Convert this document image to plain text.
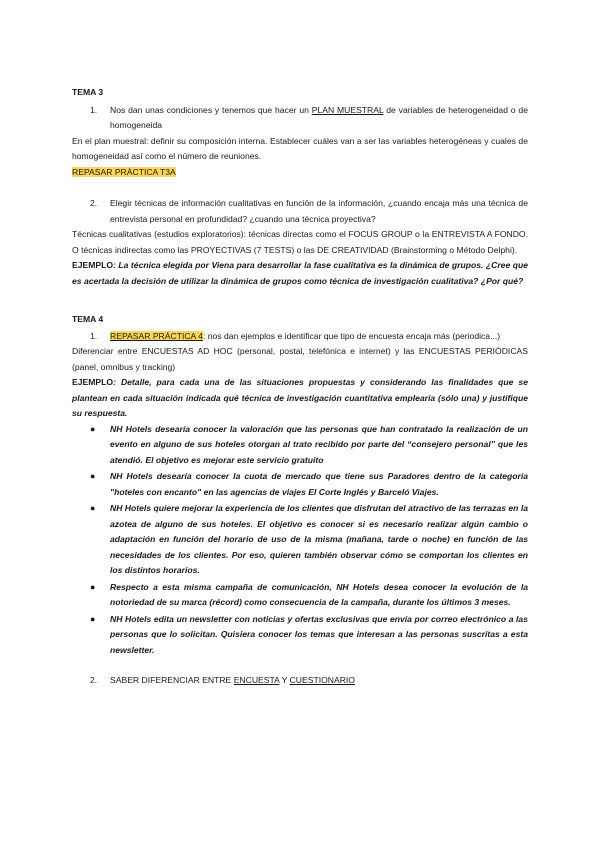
TEMA 3

1.	Nos dan unas condiciones y tenemos que hacer un PLAN MUESTRAL de variables de heterogeneidad o de homogeneida

En el plan muestral: definir su composición interna. Establecer cuáles van a ser las variables heterogéneas y cuales de homogeneidad así como el número de reuniones.

REPASAR PRÁCTICA T3A

2.	Elegir técnicas de información cualitativas en función de la información, ¿cuando encaja más una técnica de entrevista personal en profundidad? ¿cuando una técnica proyectiva?

Técnicas cualitativas (estudios exploratorios): técnicas directas como el FOCUS GROUP o la ENTREVISTA A FONDO. O técnicas indirectas como las PROYECTIVAS (7 TESTS) o las DE CREATIVIDAD (Brainstorming o Método Delphi).

EJEMPLO: La técnica elegida por Viena para desarrollar la fase cualitativa es la dinámica de grupos. ¿Cree que es acertada la decisión de utilizar la dinámica de grupos como técnica de investigación cualitativa? ¿Por qué?

TEMA 4

1.	REPASAR PRÁCTICA 4: nos dan ejemplos e identificar que tipo de encuesta encaja más (periodica...)

Diferenciar entre ENCUESTAS AD HOC (personal, postal, telefónica e internet) y las ENCUESTAS PERIÓDICAS (panel, omnibus y tracking)

EJEMPLO: Detalle, para cada una de las situaciones propuestas y considerando las finalidades que se plantean en cada situación indicada qué técnica de investigación cuantitativa emplearía (sólo una) y justifique su respuesta.

●	NH Hotels desearía conocer la valoración que las personas que han contratado la realización de un evento en alguno de sus hoteles otorgan al trato recibido por parte del “consejero personal” que les atendió. El objetivo es mejorar este servicio gratuito
●	NH Hotels desearía conocer la cuota de mercado que tiene sus Paradores dentro de la categoría "hoteles con encanto" en las agencias de viajes El Corte Inglés y Barceló Viajes.
●	NH Hotels quiere mejorar la experiencia de los clientes que disfrutan del atractivo de las terrazas en la azotea de alguno de sus hoteles. El objetivo es conocer si es necesario realizar algún cambio o adaptación en función del horario de uso de la misma (mañana, tarde o noche) en función de las necesidades de los clientes. Por eso, quieren también observar cómo se comportan los clientes en los distintos horarios.
●	Respecto a esta misma campaña de comunicación, NH Hotels desea conocer la evolución de la notoriedad de su marca (récord) como consecuencia de la campaña, durante los últimos 3 meses.
●	NH Hotels edita un newsletter con noticias y ofertas exclusivas que envía por correo electrónico a las personas que lo solicitan. Quisiera conocer los temas que interesan a las personas suscritas a esta newsletter.
2.	SABER DIFERENCIAR ENTRE ENCUESTA Y CUESTIONARIO
